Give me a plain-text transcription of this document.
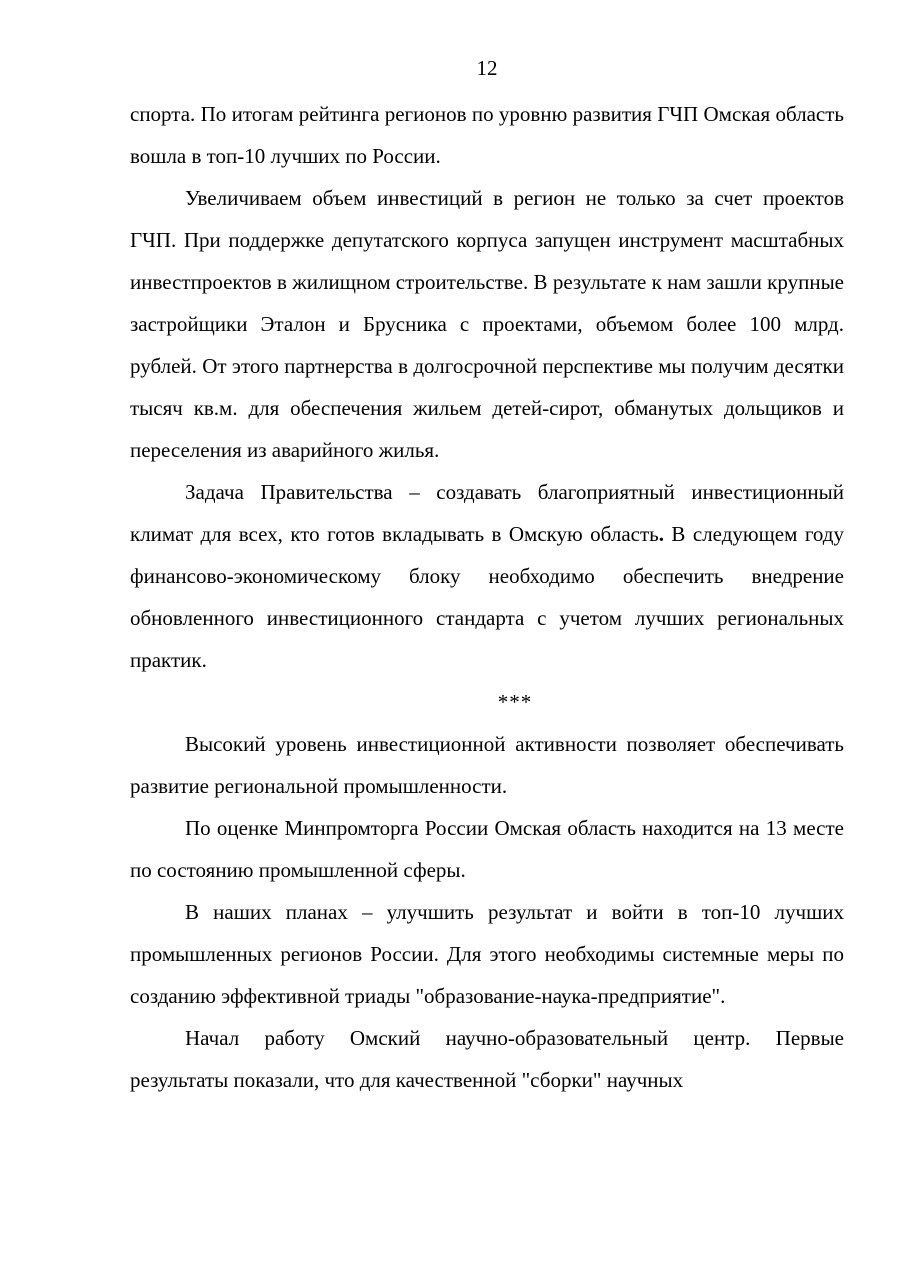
12

спорта. По итогам рейтинга регионов по уровню развития ГЧП Омская область вошла в топ-10 лучших по России.

Увеличиваем объем инвестиций в регион не только за счет проектов ГЧП. При поддержке депутатского корпуса запущен инструмент масштабных инвестпроектов в жилищном строительстве. В результате к нам зашли крупные застройщики Эталон и Брусника с проектами, объемом более 100 млрд. рублей. От этого партнерства в долгосрочной перспективе мы получим десятки тысяч кв.м. для обеспечения жильем детей-сирот, обманутых дольщиков и переселения из аварийного жилья.

Задача Правительства – создавать благоприятный инвестиционный климат для всех, кто готов вкладывать в Омскую область. В следующем году финансово-экономическому блоку необходимо обеспечить внедрение обновленного инвестиционного стандарта с учетом лучших региональных практик.

***

Высокий уровень инвестиционной активности позволяет обеспечивать развитие региональной промышленности.

По оценке Минпромторга России Омская область находится на 13 месте по состоянию промышленной сферы.

В наших планах – улучшить результат и войти в топ-10 лучших промышленных регионов России. Для этого необходимы системные меры по созданию эффективной триады "образование-наука-предприятие".

Начал работу Омский научно-образовательный центр. Первые результаты показали, что для качественной "сборки" научных
